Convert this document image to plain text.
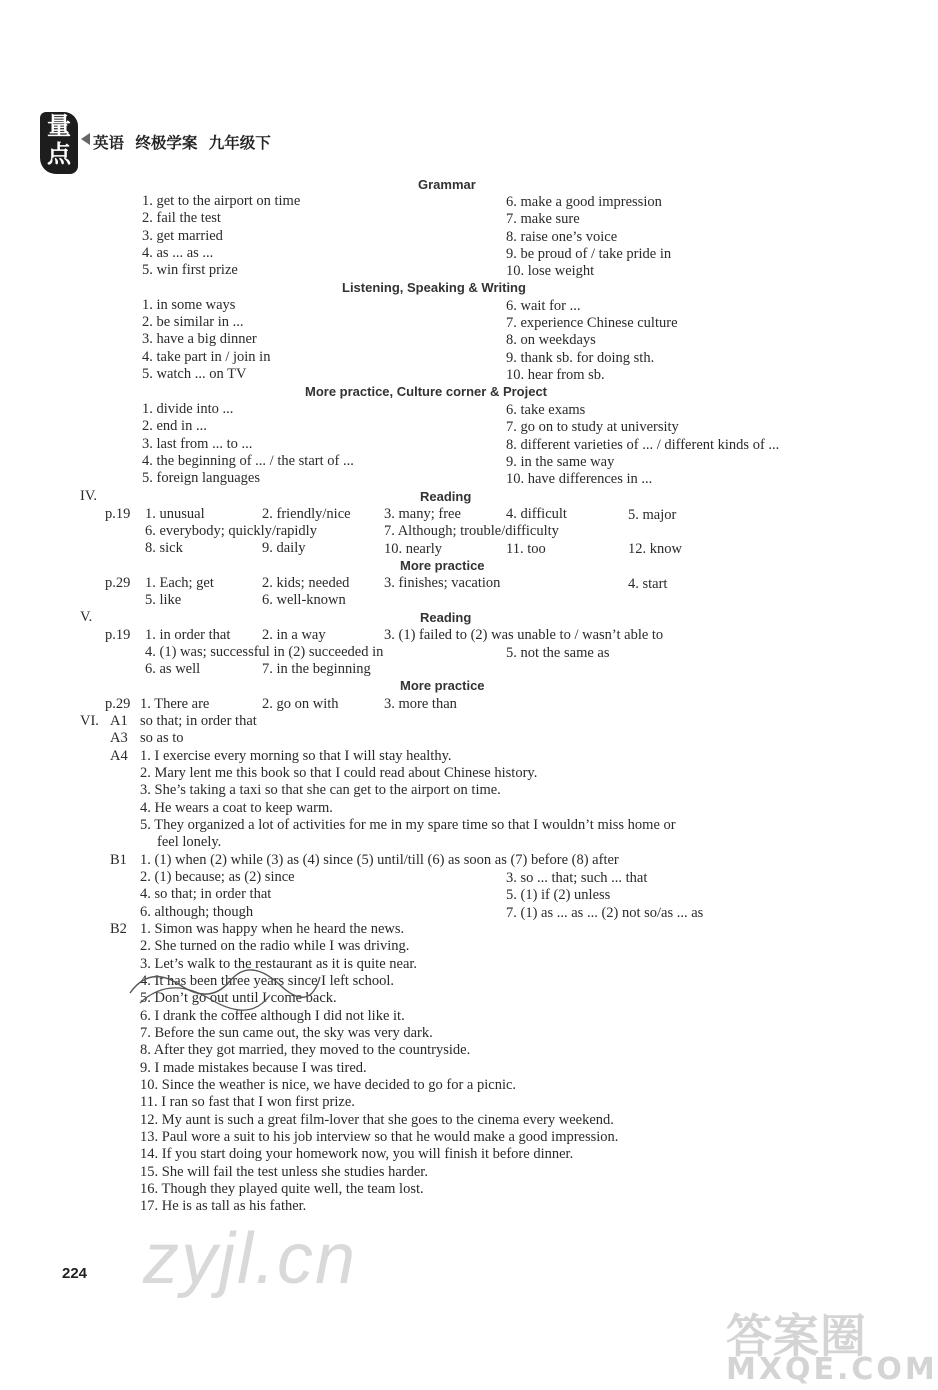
量
点	英语 终极学案 九年级下
Grammar
1. get to the airport on time	6. make a good impression
2. fail the test	7. make sure
3. get married	8. raise one’s voice
4. as ... as ...	9. be proud of / take pride in
5. win first prize	10. lose weight
Listening, Speaking & Writing
1. in some ways	6. wait for ...
2. be similar in ...	7. experience Chinese culture
3. have a big dinner	8. on weekdays
4. take part in / join in	9. thank sb. for doing sth.
5. watch ... on TV	10. hear from sb.
More practice, Culture corner & Project
1. divide into ...	6. take exams
2. end in ...	7. go on to study at university
3. last from ... to ...	8. different varieties of ... / different kinds of ...
4. the beginning of ... / the start of ...	9. in the same way
5. foreign languages	10. have differences in ...
IV.	Reading
p.19 1. unusual	2. friendly/nice 3. many; free	4. difficult	5. major
6. everybody; quickly/rapidly	7. Although; trouble/difficulty
8. sick	9. daily	10. nearly	11. too	12. know
More practice
p.29 1. Each; get	2. kids; needed 3. finishes; vacation	4. start
5. like	6. well-known
V.	Reading
p.19 1. in order that 2. in a way	3. (1) failed to (2) was unable to / wasn’t able to
4. (1) was; successful in (2) succeeded in	5. not the same as
6. as well	7. in the beginning
More practice
p.29 1. There are	2. go on with	3. more than
VI. A1 so that; in order that
A3 so as to
A4 1. I exercise every morning so that I will stay healthy.
2. Mary lent me this book so that I could read about Chinese history.
3. She’s taking a taxi so that she can get to the airport on time.
4. He wears a coat to keep warm.
5. They organized a lot of activities for me in my spare time so that I wouldn’t miss home or
feel lonely.
B1 1. (1) when (2) while (3) as (4) since (5) until/till (6) as soon as (7) before (8) after
2. (1) because; as (2) since	3. so ... that; such ... that
4. so that; in order that	5. (1) if (2) unless
6. although; though	7. (1) as ... as ... (2) not so/as ... as
B2 1. Simon was happy when he heard the news.
2. She turned on the radio while I was driving.
3. Let’s walk to the restaurant as it is quite near.
4. It has been three years since I left school.
5. Don’t go out until I come back.
6. I drank the coffee although I did not like it.
7. Before the sun came out, the sky was very dark.
8. After they got married, they moved to the countryside.
9. I made mistakes because I was tired.
10. Since the weather is nice, we have decided to go for a picnic.
11. I ran so fast that I won first prize.
12. My aunt is such a great film-lover that she goes to the cinema every weekend.
13. Paul wore a suit to his job interview so that he would make a good impression.
14. If you start doing your homework now, you will finish it before dinner.
15. She will fail the test unless she studies harder.
16. Though they played quite well, the team lost.
17. He is as tall as his father.
zyjl.cn
224
答案圈
MXQE.COM
